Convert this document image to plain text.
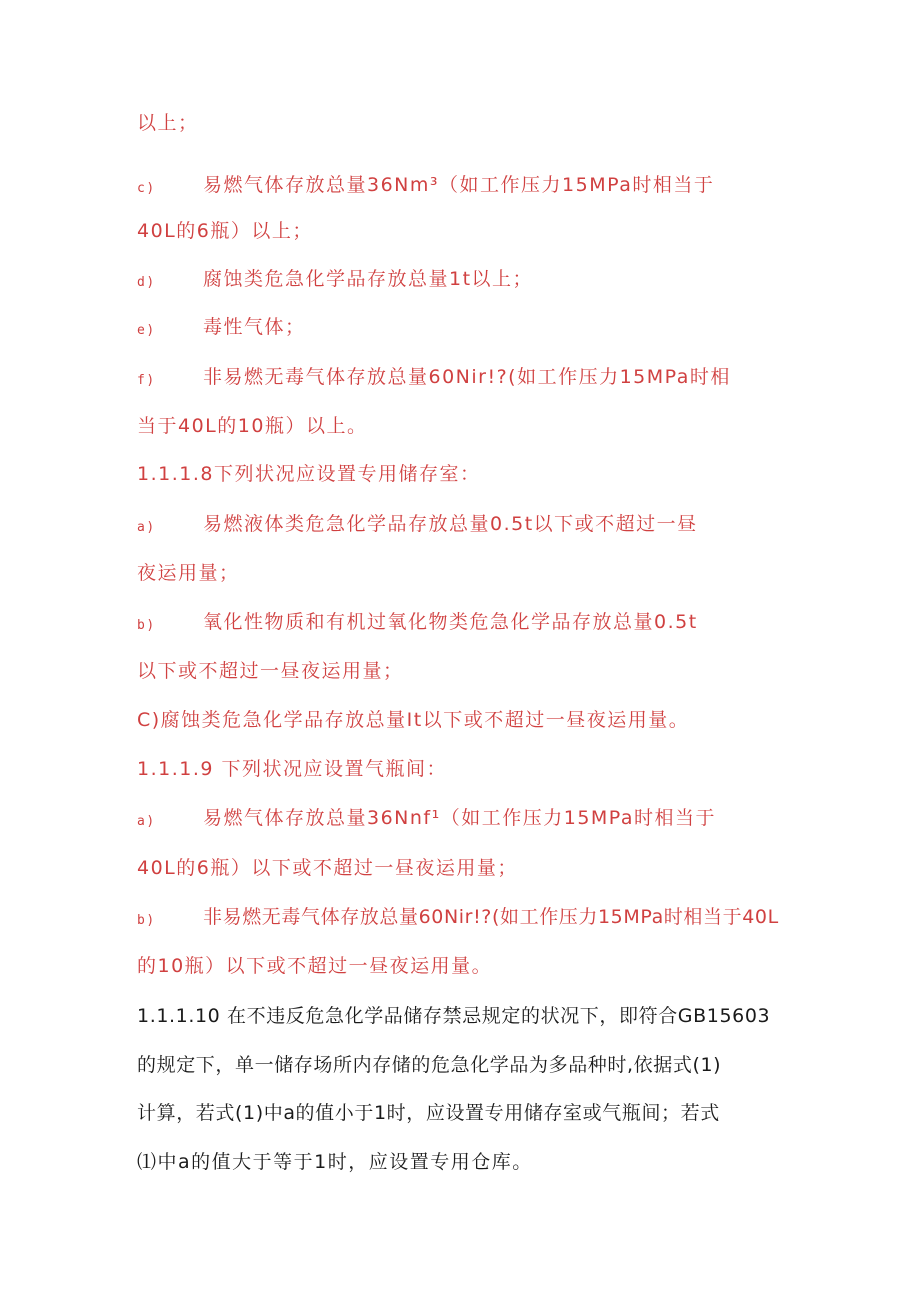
以上；
c) 易燃气体存放总量36Nm³（如工作压力15MPa时相当于
40L的6瓶）以上；
d) 腐蚀类危急化学品存放总量1t以上；
e) 毒性气体；
f) 非易燃无毒气体存放总量60Nir!?(如工作压力15MPa时相
当于40L的10瓶）以上。
1.1.1.8下列状况应设置专用储存室：
a) 易燃液体类危急化学品存放总量0.5t以下或不超过一昼
夜运用量；
b) 氧化性物质和有机过氧化物类危急化学品存放总量0.5t
以下或不超过一昼夜运用量；
C)腐蚀类危急化学品存放总量It以下或不超过一昼夜运用量。
1.1.1.9 下列状况应设置气瓶间：
a) 易燃气体存放总量36Nnf¹（如工作压力15MPa时相当于
40L的6瓶）以下或不超过一昼夜运用量；
b) 非易燃无毒气体存放总量60Nir!?(如工作压力15MPa时相当于40L
的10瓶）以下或不超过一昼夜运用量。
1.1.1.10 在不违反危急化学品储存禁忌规定的状况下，即符合GB15603
的规定下，单一储存场所内存储的危急化学品为多品种时,依据式(1)
计算，若式(1)中a的值小于1时，应设置专用储存室或气瓶间；若式
⑴中a的值大于等于1时，应设置专用仓库。
